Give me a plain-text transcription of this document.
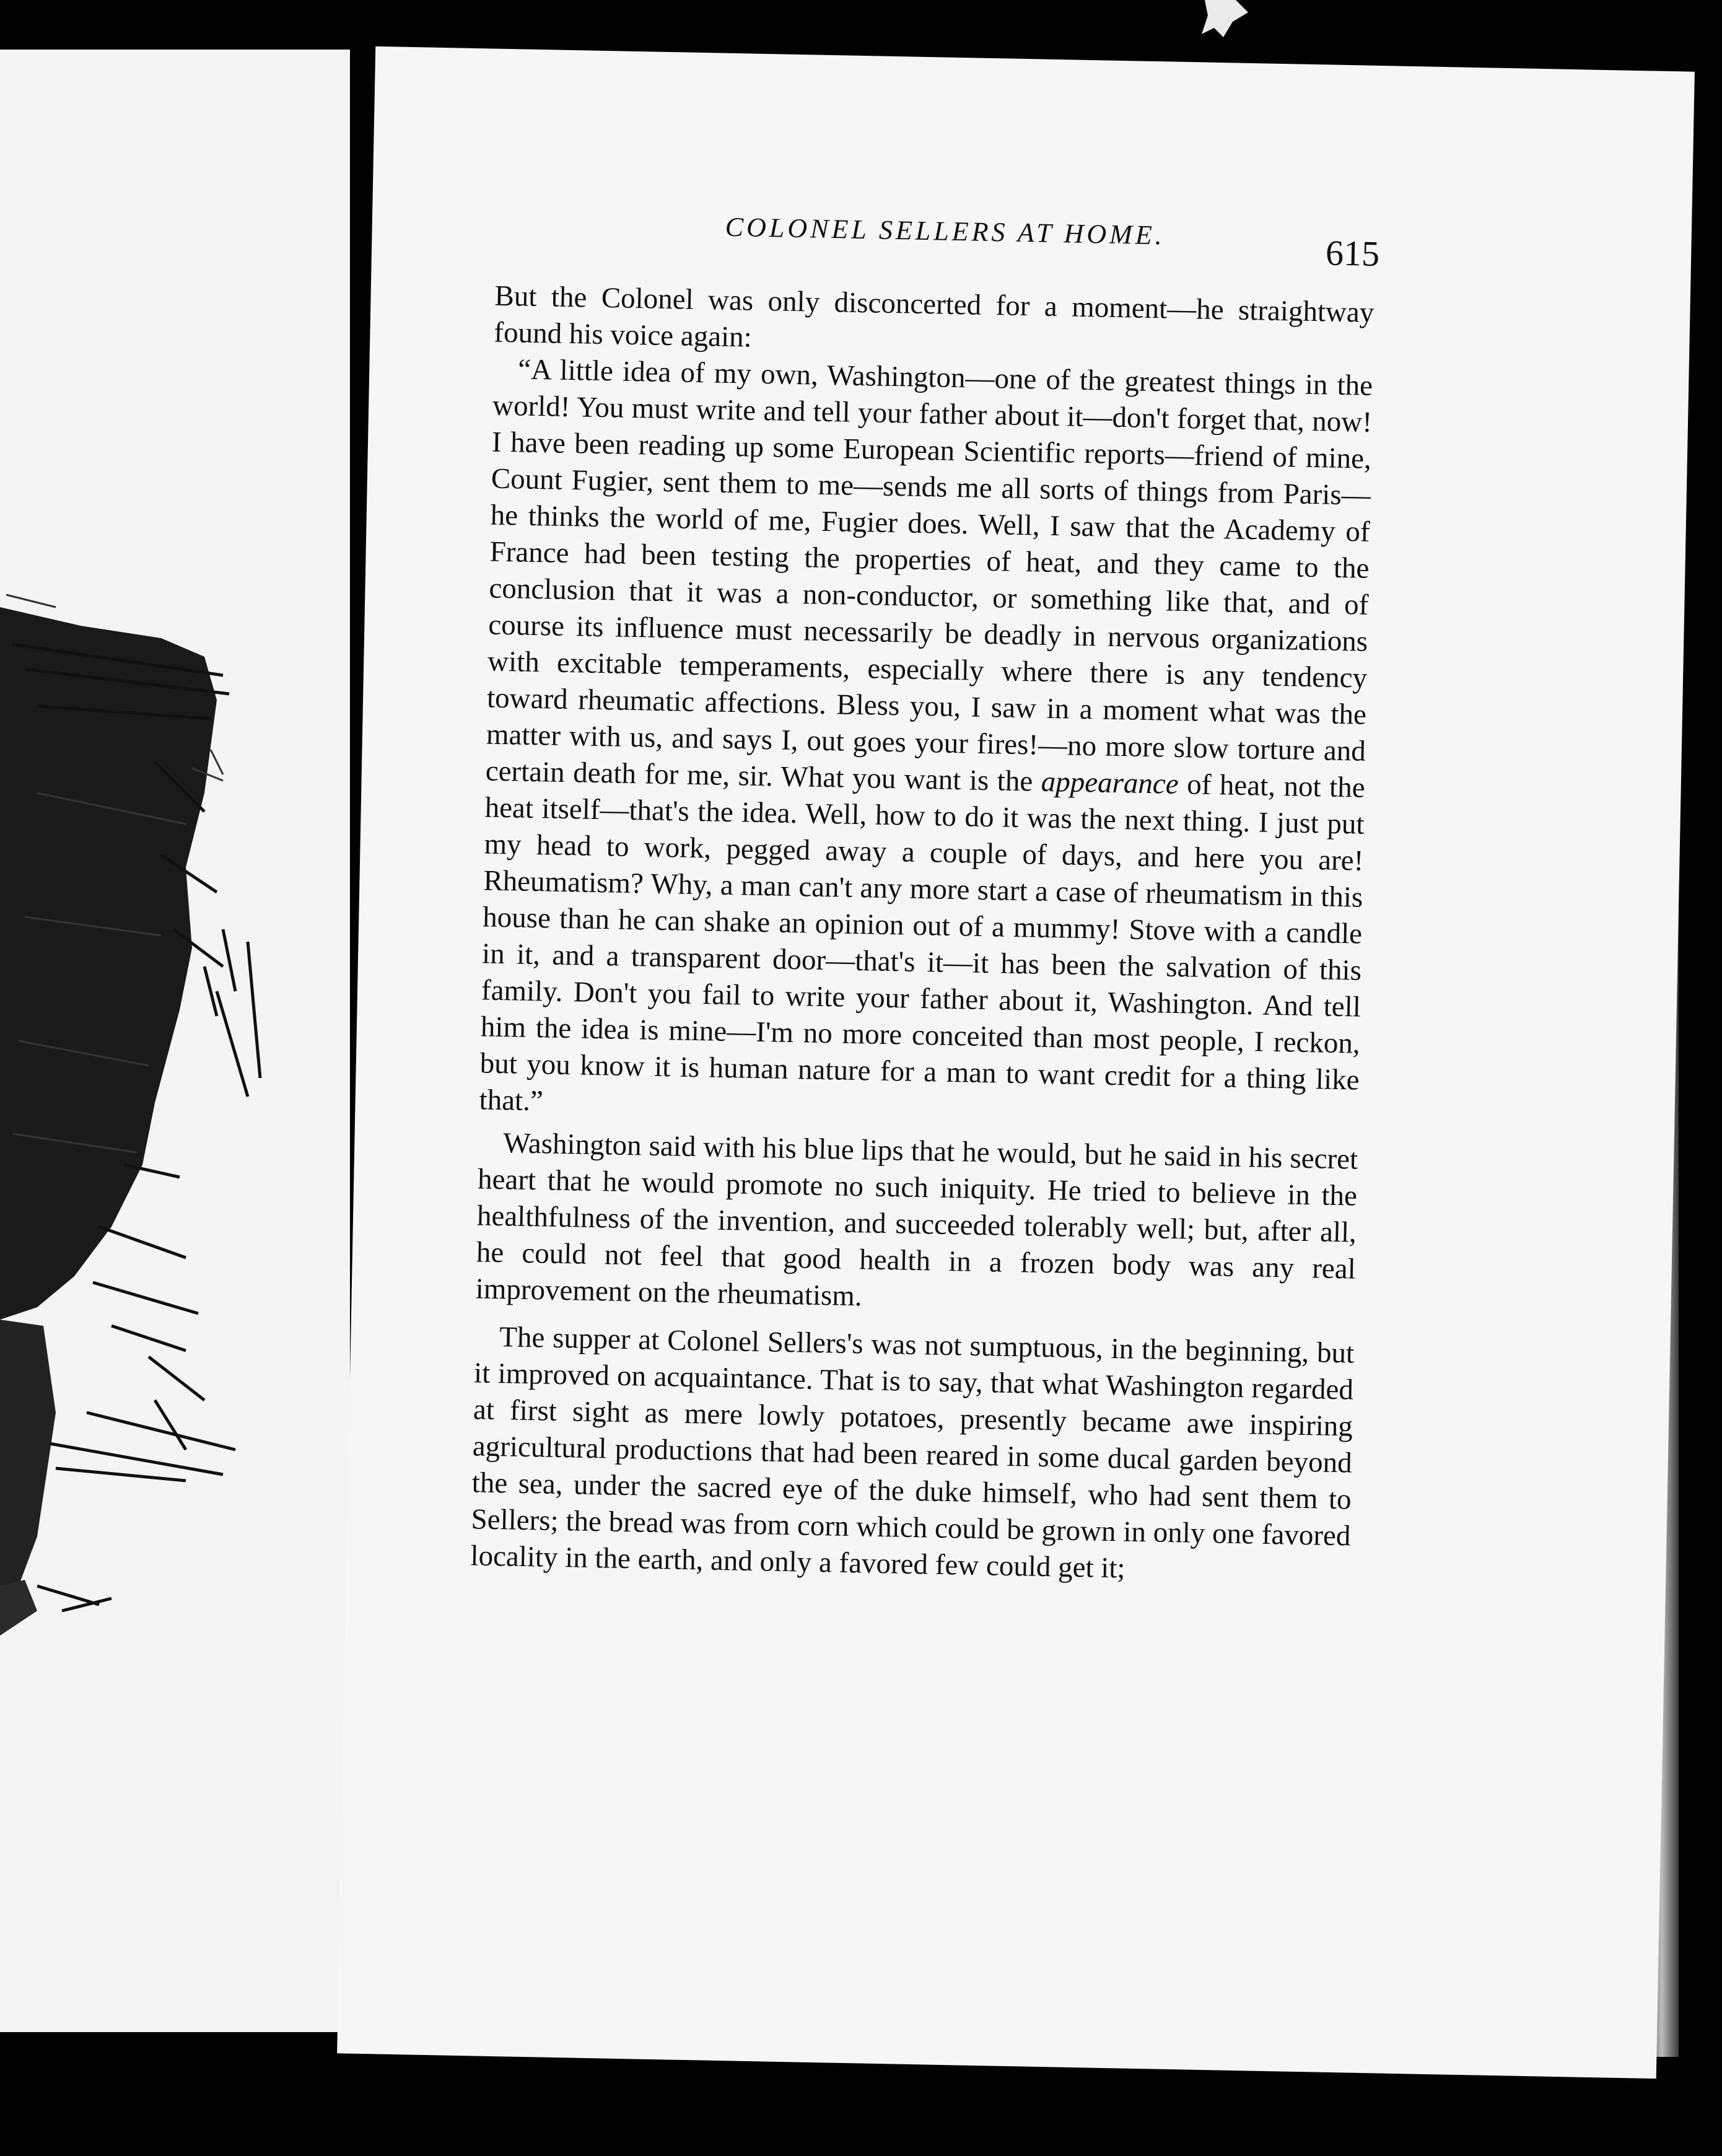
COLONEL SELLERS AT HOME.
615

But the Colonel was only disconcerted for a moment—he straightway found his voice again:

“A little idea of my own, Washington—one of the greatest things in the world! You must write and tell your father about it—don't forget that, now! I have been reading up some European Scientific reports—friend of mine, Count Fugier, sent them to me—sends me all sorts of things from Paris—he thinks the world of me, Fugier does. Well, I saw that the Academy of France had been testing the properties of heat, and they came to the conclusion that it was a non-conductor, or something like that, and of course its influence must necessarily be deadly in nervous organizations with excitable temperaments, especially where there is any tendency toward rheumatic affections. Bless you, I saw in a moment what was the matter with us, and says I, out goes your fires!—no more slow torture and certain death for me, sir. What you want is the appearance of heat, not the heat itself—that's the idea. Well, how to do it was the next thing. I just put my head to work, pegged away a couple of days, and here you are! Rheumatism? Why, a man can't any more start a case of rheumatism in this house than he can shake an opinion out of a mummy! Stove with a candle in it, and a transparent door—that's it—it has been the salvation of this family. Don't you fail to write your father about it, Washington. And tell him the idea is mine—I'm no more conceited than most people, I reckon, but you know it is human nature for a man to want credit for a thing like that.”

Washington said with his blue lips that he would, but he said in his secret heart that he would promote no such iniquity. He tried to believe in the healthfulness of the invention, and succeeded tolerably well; but, after all, he could not feel that good health in a frozen body was any real improvement on the rheumatism.

The supper at Colonel Sellers's was not sumptuous, in the beginning, but it improved on acquaintance. That is to say, that what Washington regarded at first sight as mere lowly potatoes, presently became awe inspiring agricultural productions that had been reared in some ducal garden beyond the sea, under the sacred eye of the duke himself, who had sent them to Sellers; the bread was from corn which could be grown in only one favored locality in the earth, and only a favored few could get it;
